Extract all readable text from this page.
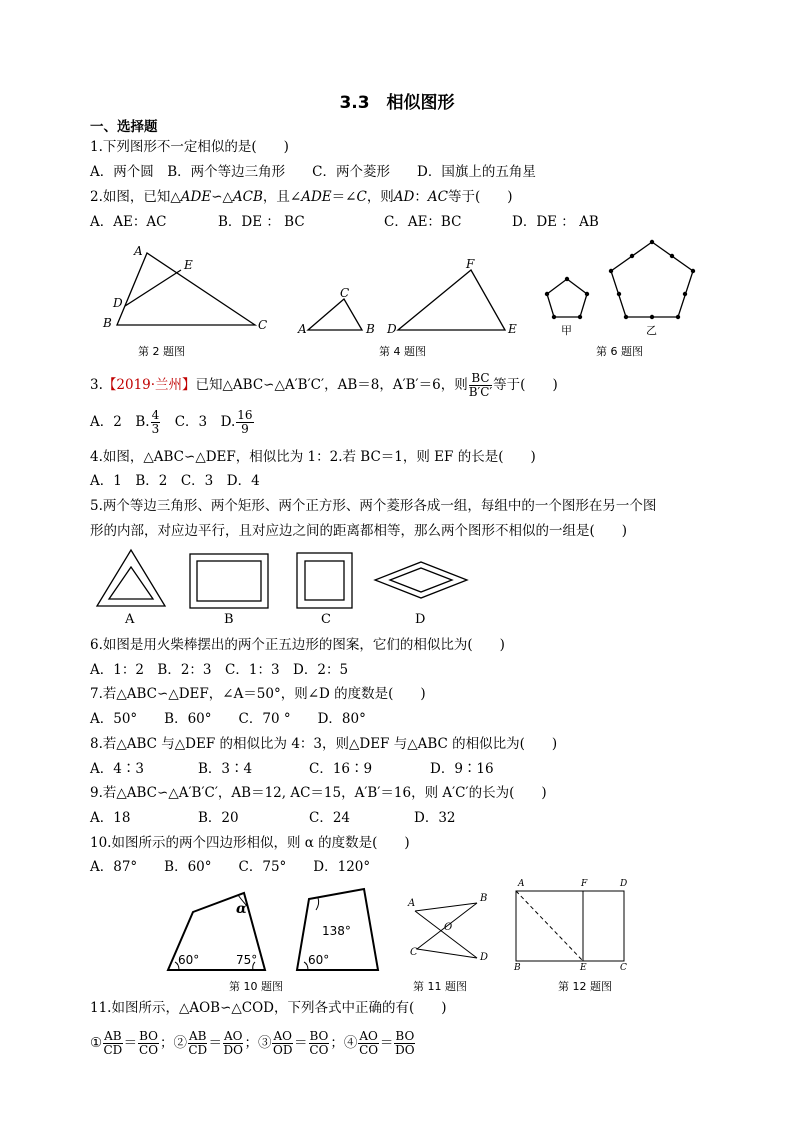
3.3　相似图形
一、选择题
1.下列图形不一定相似的是(　　)
A．两个圆　B．两个等边三角形　　C．两个菱形　　D．国旗上的五角星
2.如图，已知△ADE∽△ACB，且∠ADE＝∠C，则AD：AC等于(　　)
A．AE：AC	B．DE ： BC	C．AE：BC	D．DE ： AB
A
E
D
B	C
第 2 题图
C
A	B
F
D	E
第 4 题图
甲	乙
第 6 题图
3.【2019·兰州】已知△ABC∽△A′B′C′，AB＝8，A′B′＝6，则 $\frac{BC}{B'C'}$ 等于(　　)
A．2　B. $\frac{4}{3}$ 　C．3　D. $\frac{16}{9}$
4.如图，△ABC∽△DEF，相似比为 1：2.若 BC＝1，则 EF 的长是(　　)
A．1　B．2　C．3　D．4
5.两个等边三角形、两个矩形、两个正方形、两个菱形各成一组，每组中的一个图形在另一个图
形的内部，对应边平行，且对应边之间的距离都相等，那么两个图形不相似的一组是(　　)
A	B	C	D
6.如图是用火柴棒摆出的两个正五边形的图案，它们的相似比为(　　)
A．1：2　B．2：3　C．1：3　D．2：5
7.若△ABC∽△DEF，∠A＝50°，则∠D 的度数是(　　)
A．50°　　B．60°　　C．70 °　　D．80°
8.若△ABC 与△DEF 的相似比为 4：3，则△DEF 与△ABC 的相似比为(　　)
A．4∶3	B．3∶4	C．16∶9	D．9∶16
9.若△ABC∽△A′B′C′，AB＝12, AC＝15，A′B′＝16，则 A′C′的长为(　　)
A．18	B．20	C．24	D．32
10.如图所示的两个四边形相似，则 α 的度数是(　　)
A．87°　　B．60°　　C．75°　　D．120°
α
60°	75°
138°
60°
第 10 题图
A	B
O
C	D
第 11 题图
A	F	D
B	E	C
第 12 题图
11.如图所示，△AOB∽△COD，下列各式中正确的有(　　)
① $\frac{AB}{CD} = \frac{BO}{CO}$ ；② $\frac{AB}{CD} = \frac{AO}{DO}$ ；③ $\frac{AO}{OD} = \frac{BO}{CO}$ ；④ $\frac{AO}{CO} = \frac{BO}{DO}$
